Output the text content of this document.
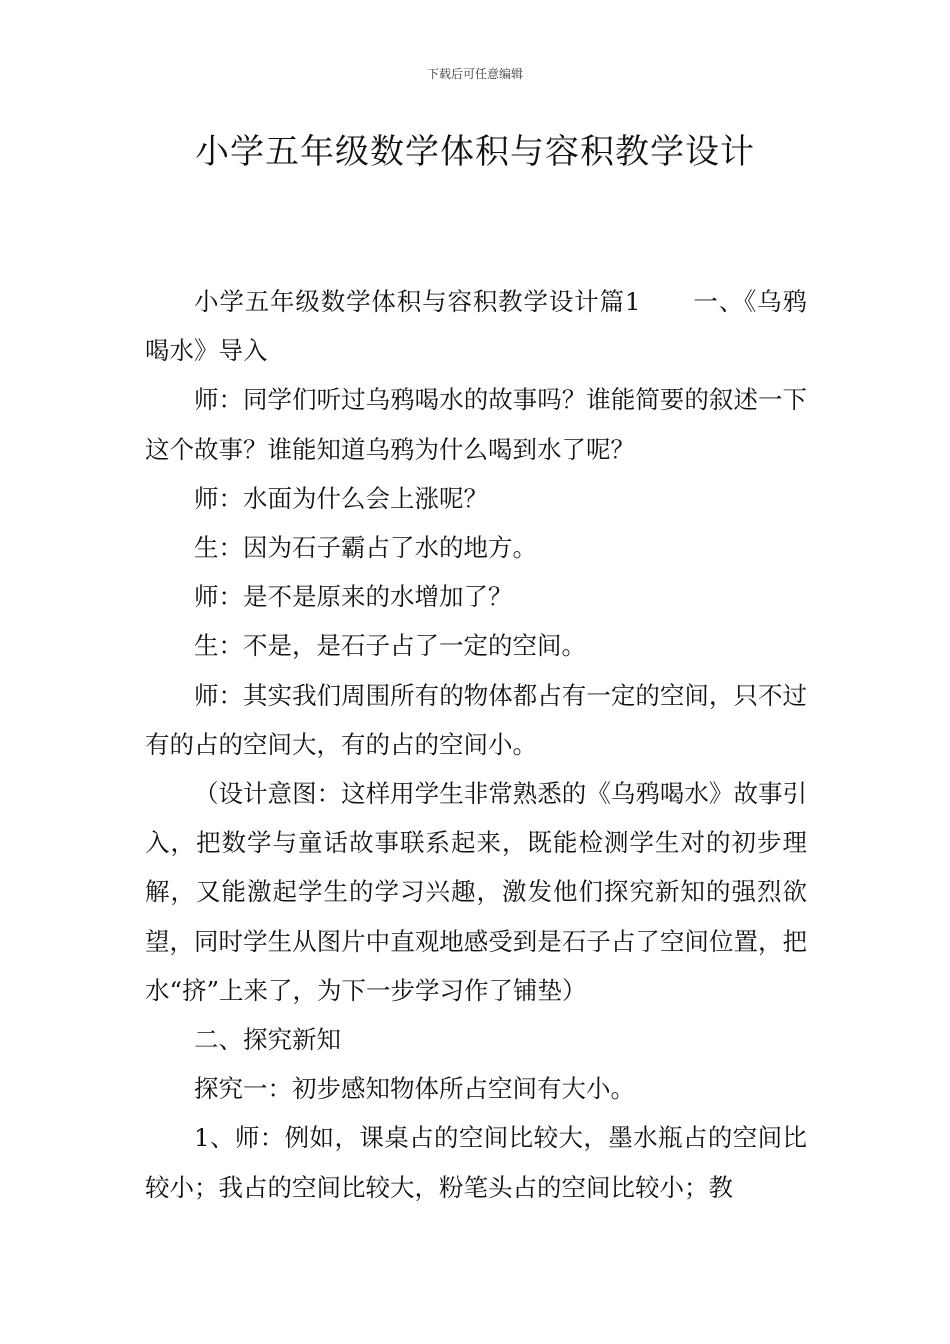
下载后可任意编辑
小学五年级数学体积与容积教学设计

小学五年级数学体积与容积教学设计篇1 一、《乌鸦喝水》导入

师：同学们听过乌鸦喝水的故事吗？谁能简要的叙述一下这个故事？谁能知道乌鸦为什么喝到水了呢？

师：水面为什么会上涨呢？

生：因为石子霸占了水的地方。

师：是不是原来的水增加了？

生：不是，是石子占了一定的空间。

师：其实我们周围所有的物体都占有一定的空间，只不过有的占的空间大，有的占的空间小。

（设计意图：这样用学生非常熟悉的《乌鸦喝水》故事引入，把数学与童话故事联系起来，既能检测学生对的初步理解，又能激起学生的学习兴趣，激发他们探究新知的强烈欲望，同时学生从图片中直观地感受到是石子占了空间位置，把水“挤”上来了，为下一步学习作了铺垫）

二、探究新知

探究一：初步感知物体所占空间有大小。

1、师：例如，课桌占的空间比较大，墨水瓶占的空间比较小；我占的空间比较大，粉笔头占的空间比较小；教
